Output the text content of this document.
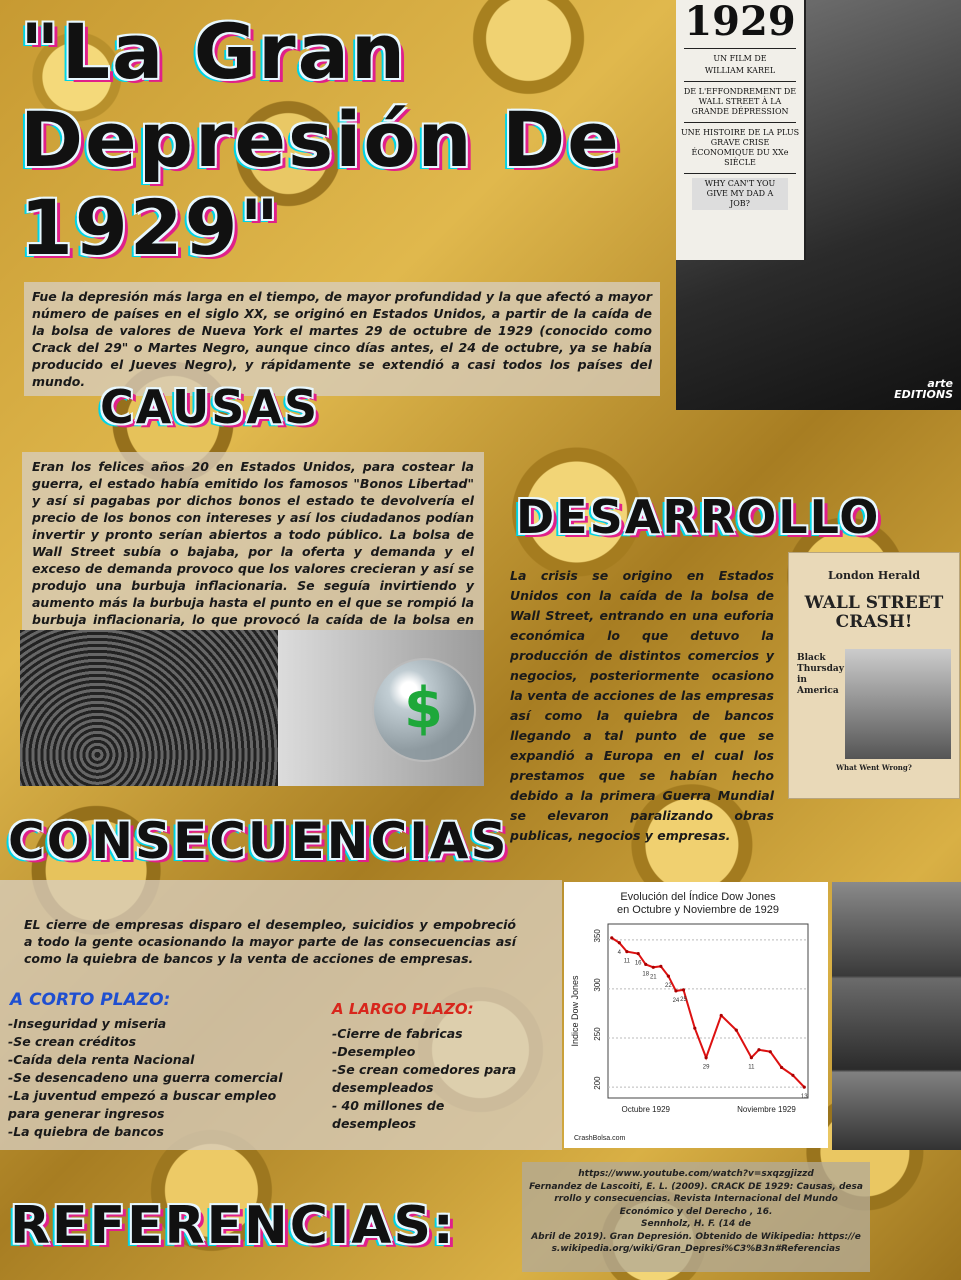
"La Gran Depresión De 1929"

Fue la depresión más larga en el tiempo, de mayor profundidad y la que afectó a mayor número de países en el siglo XX, se originó en Estados Unidos, a partir de la caída de la bolsa de valores de Nueva York el martes 29 de octubre de 1929 (conocido como Crack del 29" o Martes Negro, aunque cinco días antes, el 24 de octubre, ya se había producido el Jueves Negro), y rápidamente se extendió a casi todos los países del mundo.

1929
UN FILM DE
WILLIAM KAREL
DE L'EFFONDREMENT DE WALL STREET À LA GRANDE DÉPRESSION
UNE HISTOIRE DE LA PLUS GRAVE CRISE ÉCONOMIQUE DU XXe SIÈCLE
WHY CAN'T YOU GIVE MY DAD A JOB?
arte
EDITIONS
CAUSAS

Eran los felices años 20 en Estados Unidos, para costear la guerra, el estado había emitido los famosos "Bonos Libertad" y así si pagabas por dichos bonos el estado te devolvería el precio de los bonos con intereses y así los ciudadanos podían invertir y pronto serían abiertos a todo público. La bolsa de Wall Street subía o bajaba, por la oferta y demanda y el exceso de demanda provoco que los valores crecieran y así se produjo una burbuja inflacionaria. Se seguía invirtiendo y aumento más la burbuja hasta el punto en el que se rompió la burbuja inflacionaria, lo que provocó la caída de la bolsa en

$
DESARROLLO
La crisis se origino en Estados Unidos con la caída de la bolsa de Wall Street, entrando en una euforia económica lo que detuvo la producción de distintos comercios y negocios, posteriormente ocasiono la venta de acciones de las empresas así como la quiebra de bancos llegando a tal punto de que se expandió a Europa en el cual los prestamos que se habían hecho debido a la primera Guerra Mundial se elevaron paralizando obras publicas, negocios y empresas.
London Herald
WALL STREET CRASH!
Black Thursday in America
What Went Wrong?
CONSECUENCIAS

EL cierre de empresas disparo el desempleo, suicidios y empobreció a todo la gente ocasionando la mayor parte de las consecuencias así como la quiebra de bancos y la venta de acciones de empresas.

A CORTO PLAZO:
-Inseguridad y miseria
-Se crean créditos
-Caída dela renta Nacional
-Se desencadeno una guerra comercial
-La juventud empezó a buscar empleo para generar ingresos
-La quiebra de bancos
A LARGO PLAZO:
-Cierre de fabricas
-Desempleo
-Se crean comedores para desempleados
- 40 millones de desempleos
Evolución del Índice Dow Jones
en Octubre y Noviembre de 1929
200
250
300
350
Indice Dow Jones
Octubre 1929	Noviembre 1929
4
11 16
18 21
22
24 25
29	11
13
CrashBolsa.com
REFERENCIAS:

https://www.youtube.com/watch?v=sxqzgjizzd

Fernandez de Lascoiti, E. L. (2009). CRACK DE 1929: Causas, desarrollo y consecuencias. Revista Internacional del Mundo

Económico y del Derecho , 16.

Sennholz, H. F. (14 de

Abril de 2019). Gran Depresión. Obtenido de Wikipedia: https://es.wikipedia.org/wiki/Gran_Depresi%C3%B3n#Referencias
